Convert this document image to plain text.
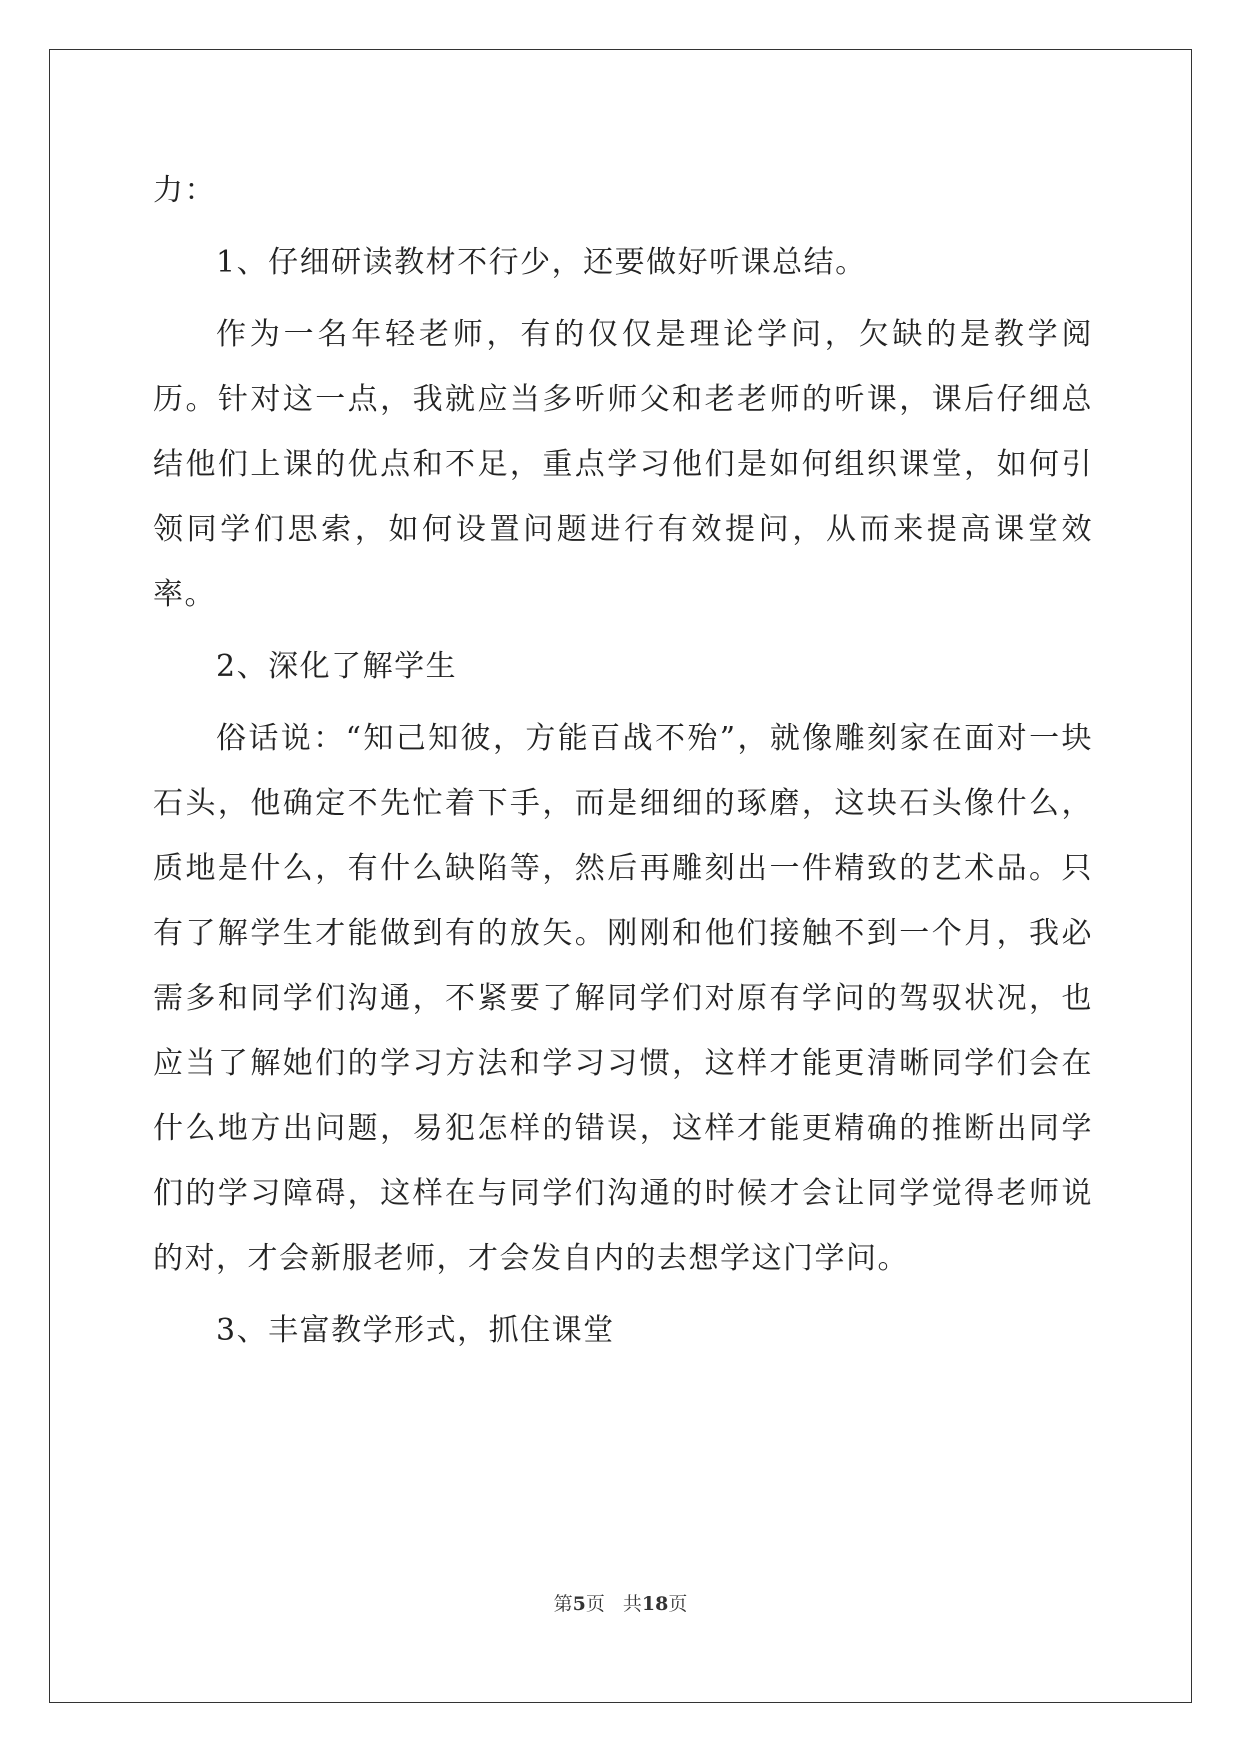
力：

1、仔细研读教材不行少，还要做好听课总结。

作为一名年轻老师，有的仅仅是理论学问，欠缺的是教学阅历。针对这一点，我就应当多听师父和老老师的听课，课后仔细总结他们上课的优点和不足，重点学习他们是如何组织课堂，如何引领同学们思索，如何设置问题进行有效提问，从而来提高课堂效率。

2、深化了解学生

俗话说：“知己知彼，方能百战不殆”，就像雕刻家在面对一块石头，他确定不先忙着下手，而是细细的琢磨，这块石头像什么，质地是什么，有什么缺陷等，然后再雕刻出一件精致的艺术品。只有了解学生才能做到有的放矢。刚刚和他们接触不到一个月，我必需多和同学们沟通，不紧要了解同学们对原有学问的驾驭状况，也应当了解她们的学习方法和学习习惯，这样才能更清晰同学们会在什么地方出问题，易犯怎样的错误，这样才能更精确的推断出同学们的学习障碍，这样在与同学们沟通的时候才会让同学觉得老师说的对，才会新服老师，才会发自内的去想学这门学问。

3、丰富教学形式，抓住课堂

第5页 共18页
